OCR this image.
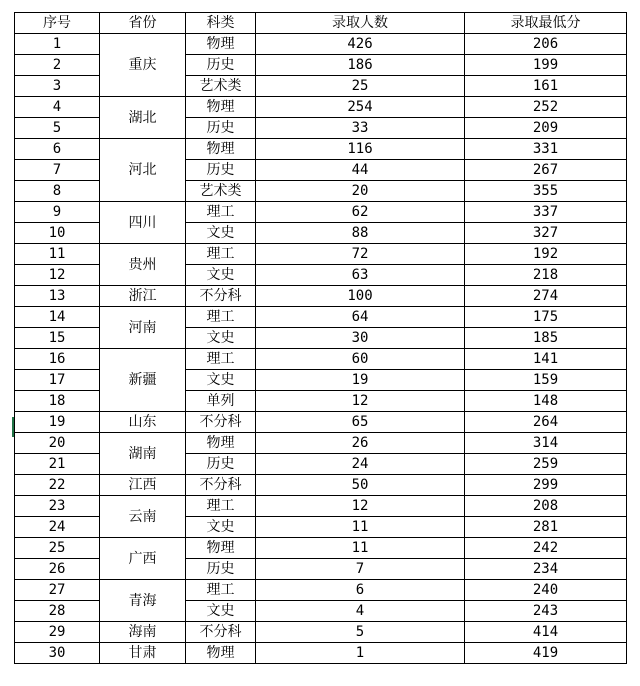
序号	省份	科类	录取人数	录取最低分
1	重庆	物理	426	206
2		历史	186	199
3		艺术类	25	161
4	湖北	物理	254	252
5		历史	33	209
6	河北	物理	116	331
7		历史	44	267
8		艺术类	20	355
9	四川	理工	62	337
10		文史	88	327
11	贵州	理工	72	192
12		文史	63	218
13	浙江	不分科	100	274
14	河南	理工	64	175
15		文史	30	185
16	新疆	理工	60	141
17		文史	19	159
18		单列	12	148
19	山东	不分科	65	264
20	湖南	物理	26	314
21		历史	24	259
22	江西	不分科	50	299
23	云南	理工	12	208
24		文史	11	281
25	广西	物理	11	242
26		历史	7	234
27	青海	理工	6	240
28		文史	4	243
29	海南	不分科	5	414
30	甘肃	物理	1	419
